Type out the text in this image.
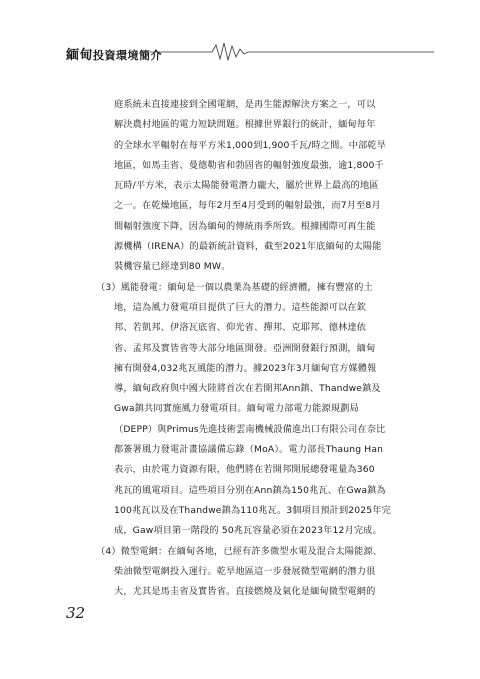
緬甸投資環境簡介
庭系統未直接連接到全國電網，是再生能源解決方案之一，可以
解決農村地區的電力短缺問題。根據世界銀行的統計，緬甸每年
的全球水平輻射在每平方米1,000到1,900千瓦/時之間。中部乾旱
地區，如馬圭省、曼德勒省和勃固省的輻射強度最強，逾1,800千
瓦時/平方米，表示太陽能發電潛力龐大，屬於世界上最高的地區
之一。在乾燥地區，每年2月至4月受到的輻射最強，而7月至8月
間輻射強度下降，因為緬甸的傳統雨季所致。根據國際可再生能
源機構（IRENA）的最新統計資料，截至2021年底緬甸的太陽能
裝機容量已經達到80 MW。
（3）風能發電：緬甸是一個以農業為基礎的經濟體，擁有豐富的土
地，這為風力發電項目提供了巨大的潛力。這些能源可以在欽
邦、若凱邦、伊洛瓦底省、仰光省、撣邦、克耶邦、德林達依
省、孟邦及實皆省等大部分地區開發。亞洲開發銀行預測，緬甸
擁有開發4,032兆瓦風能的潛力。據2023年3月緬甸官方媒體報
導，緬甸政府與中國大陸將首次在若開邦Ann鎮、Thandwe鎮及
Gwa鎮共同實施風力發電項目。緬甸電力部電力能源規劃局
（DEPP）與Primus先進技術雲南機械設備進出口有限公司在奈比
都簽署風力發電計畫協議備忘錄（MoA）。電力部長Thaung Han
表示，由於電力資源有限，他們將在若開邦開展總發電量為360
兆瓦的風電項目。這些項目分別在Ann鎮為150兆瓦、在Gwa鎮為
100兆瓦以及在Thandwe鎮為110兆瓦。3個項目預計到2025年完
成，Gaw項目第一階段的 50兆瓦容量必須在2023年12月完成。
（4）微型電網：在緬甸各地，已經有許多微型水電及混合太陽能源、
柴油微型電網投入運行。乾旱地區這一步發展微型電網的潛力很
大，尤其是馬圭省及實皆省。直接燃燒及氣化是緬甸微型電網的
32
